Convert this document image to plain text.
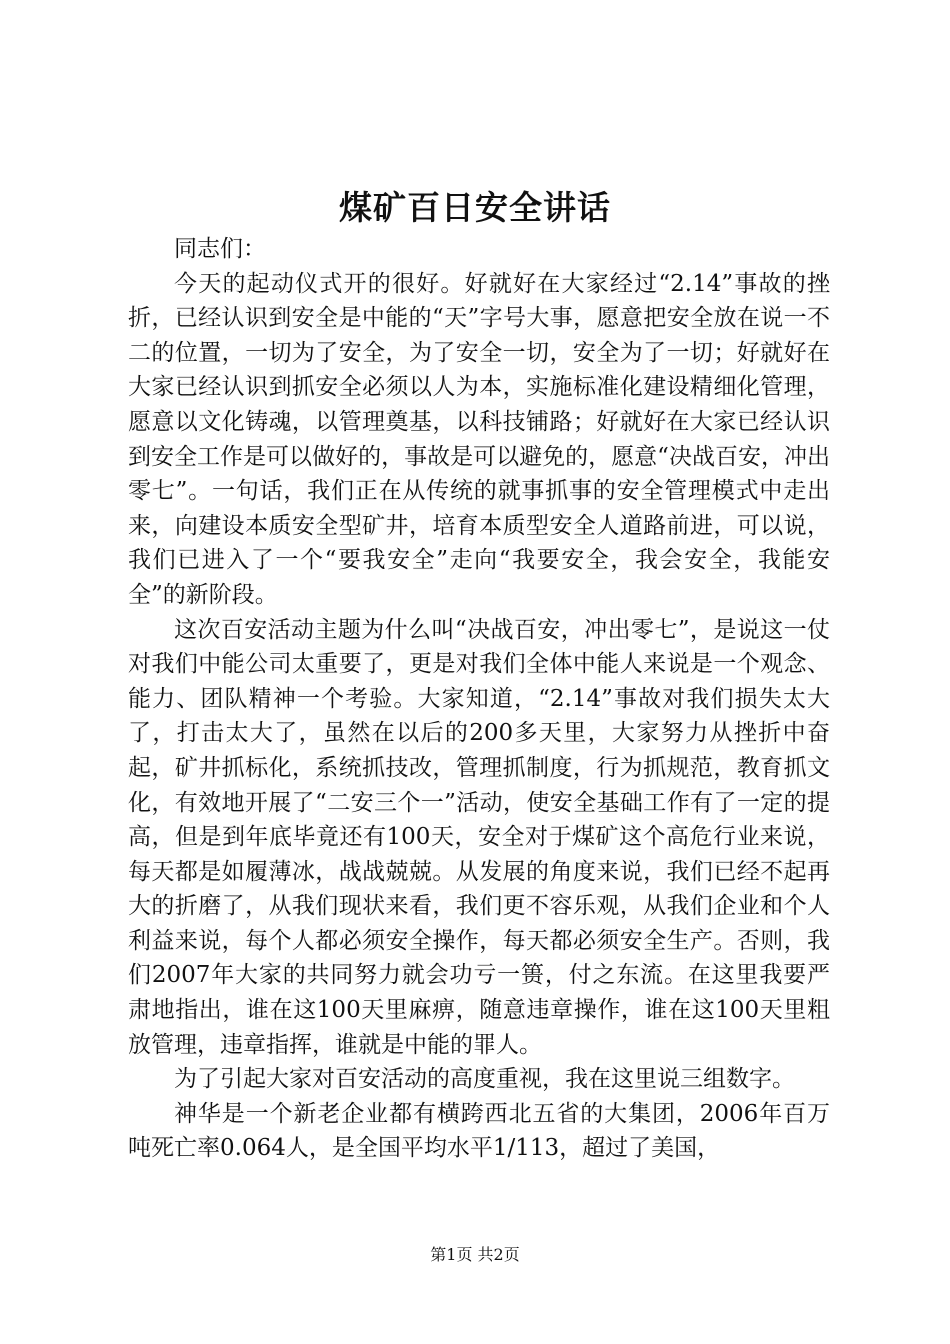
煤矿百日安全讲话

同志们：

今天的起动仪式开的很好。好就好在大家经过“2.14”事故的挫折，已经认识到安全是中能的“天”字号大事，愿意把安全放在说一不二的位置，一切为了安全，为了安全一切，安全为了一切；好就好在大家已经认识到抓安全必须以人为本，实施标准化建设精细化管理，愿意以文化铸魂，以管理奠基，以科技铺路；好就好在大家已经认识到安全工作是可以做好的，事故是可以避免的，愿意“决战百安，冲出零七”。一句话，我们正在从传统的就事抓事的安全管理模式中走出来，向建设本质安全型矿井，培育本质型安全人道路前进，可以说，我们已进入了一个“要我安全”走向“我要安全，我会安全，我能安全”的新阶段。

这次百安活动主题为什么叫“决战百安，冲出零七”，是说这一仗对我们中能公司太重要了，更是对我们全体中能人来说是一个观念、能力、团队精神一个考验。大家知道，“2.14”事故对我们损失太大了，打击太大了，虽然在以后的200多天里，大家努力从挫折中奋起，矿井抓标化，系统抓技改，管理抓制度，行为抓规范，教育抓文化，有效地开展了“二安三个一”活动，使安全基础工作有了一定的提高，但是到年底毕竟还有100天，安全对于煤矿这个高危行业来说，每天都是如履薄冰，战战兢兢。从发展的角度来说，我们已经不起再大的折磨了，从我们现状来看，我们更不容乐观，从我们企业和个人利益来说，每个人都必须安全操作，每天都必须安全生产。否则，我们2007年大家的共同努力就会功亏一篑，付之东流。在这里我要严肃地指出，谁在这100天里麻痹，随意违章操作，谁在这100天里粗放管理，违章指挥，谁就是中能的罪人。

为了引起大家对百安活动的高度重视，我在这里说三组数字。

神华是一个新老企业都有横跨西北五省的大集团，2006年百万吨死亡率0.064人，是全国平均水平1/113，超过了美国，

第1页 共2页
